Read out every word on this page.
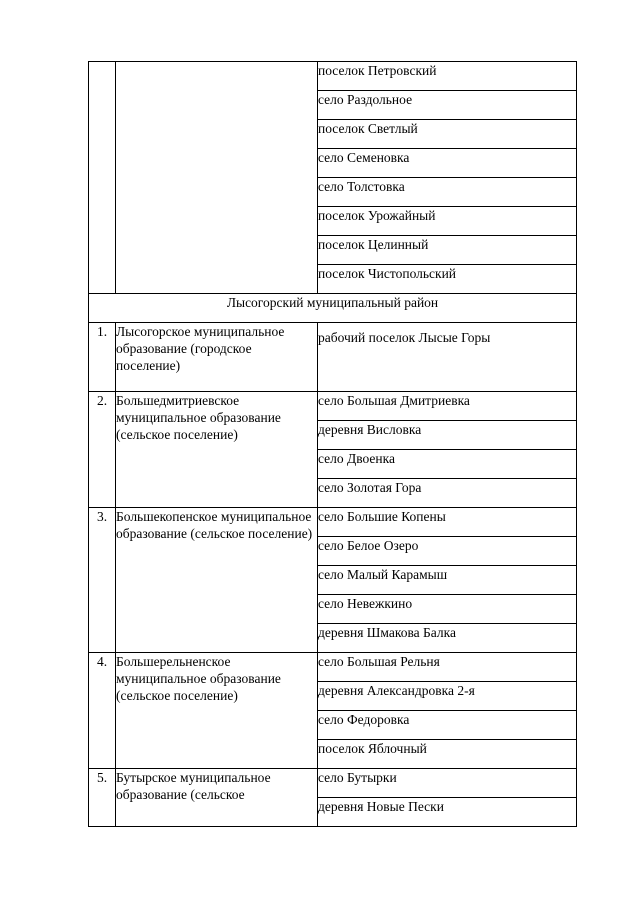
		поселок Петровский
		село Раздольное
		поселок Светлый
		село Семеновка
		село Толстовка
		поселок Урожайный
		поселок Целинный
		поселок Чистопольский
Лысогорский муниципальный район		
1.	Лысогорское муниципальное образование (городское поселение)	рабочий поселок Лысые Горы
2.	Большедмитриевское муниципальное образование (сельское поселение)	село Большая Дмитриевка
		деревня Висловка
		село Двоенка
		село Золотая Гора
3.	Большекопенское муниципальное образование (сельское поселение)	село Большие Копены
		село Белое Озеро
		село Малый Карамыш
		село Невежкино
		деревня Шмакова Балка
4.	Большерельненское муниципальное образование (сельское поселение)	село Большая Рельня
		деревня Александровка 2-я
		село Федоровка
		поселок Яблочный
5.	Бутырское муниципальное образование (сельское	село Бутырки
		деревня Новые Пески
